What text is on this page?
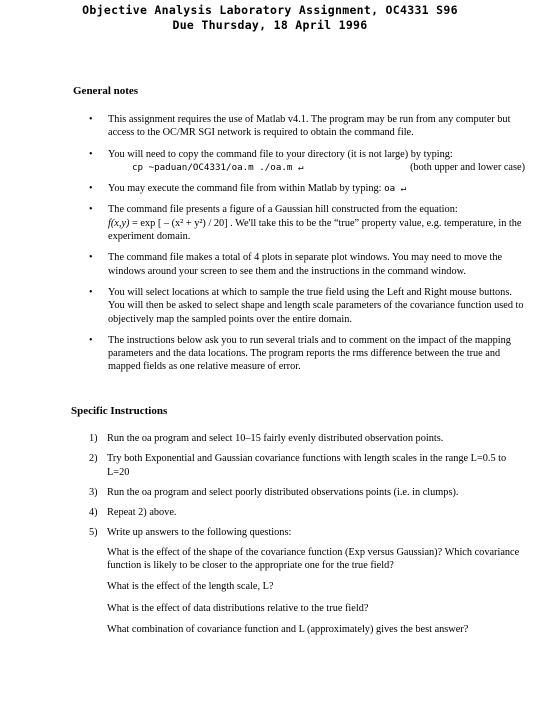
Objective Analysis Laboratory Assignment, OC4331 S96
Due Thursday, 18 April 1996
General notes
• This assignment requires the use of Matlab v4.1. The program may be run from any computer but access to the OC/MR SGI network is required to obtain the command file.
• You will need to copy the command file to your directory (it is not large) by typing:
cp ~paduan/OC4331/oa.m ./oa.m ↵	(both upper and lower case)
• You may execute the command file from within Matlab by typing: oa ↵
• The command file presents a figure of a Gaussian hill constructed from the equation:
f(x,y) = exp [ – (x² + y²) / 20] . We'll take this to be the “true” property value, e.g. temperature, in the experiment domain.
• The command file makes a total of 4 plots in separate plot windows. You may need to move the windows around your screen to see them and the instructions in the command window.
• You will select locations at which to sample the true field using the Left and Right mouse buttons. You will then be asked to select shape and length scale parameters of the covariance function used to objectively map the sampled points over the entire domain.
• The instructions below ask you to run several trials and to comment on the impact of the mapping parameters and the data locations. The program reports the rms difference between the true and mapped fields as one relative measure of error.
Specific Instructions
1) Run the oa program and select 10–15 fairly evenly distributed observation points.
2) Try both Exponential and Gaussian covariance functions with length scales in the range L=0.5 to L=20
3) Run the oa program and select poorly distributed observations points (i.e. in clumps).
4) Repeat 2) above.
5) Write up answers to the following questions:
What is the effect of the shape of the covariance function (Exp versus Gaussian)? Which covariance function is likely to be closer to the appropriate one for the true field?
What is the effect of the length scale, L?
What is the effect of data distributions relative to the true field?
What combination of covariance function and L (approximately) gives the best answer?
